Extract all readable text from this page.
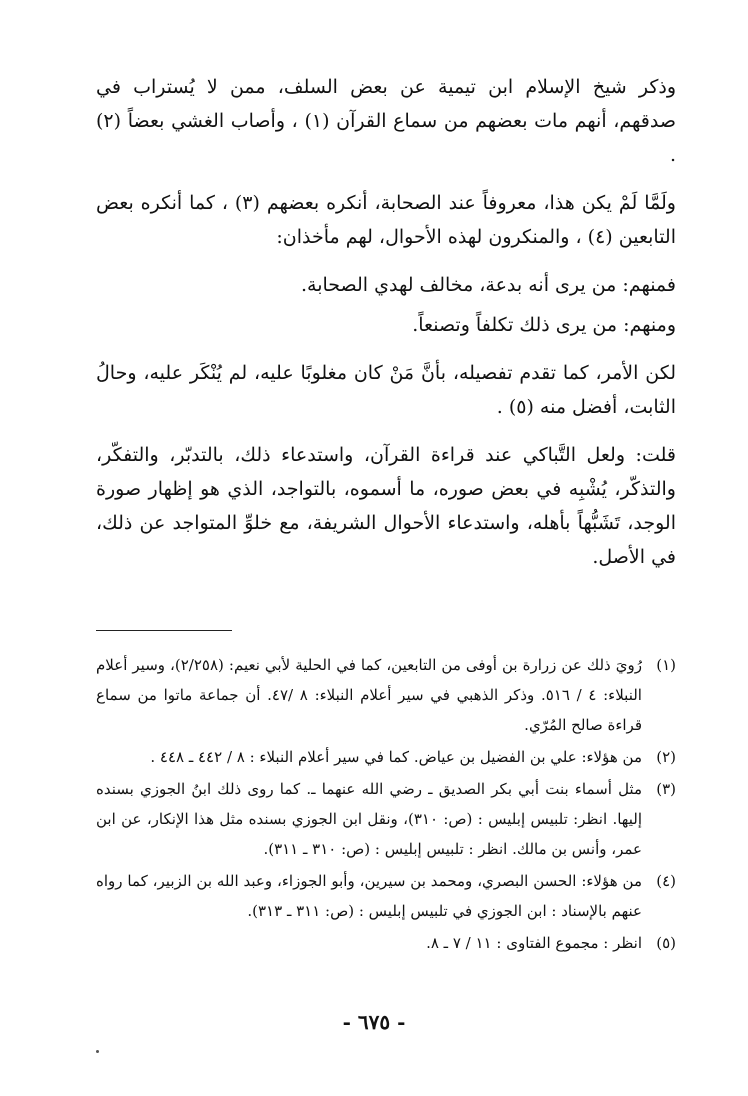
وذكر شيخ الإسلام ابن تيمية عن بعض السلف، ممن لا يُستراب في صدقهم، أنهم مات بعضهم من سماع القرآن (١) ، وأصاب الغشي بعضاً (٢) .

ولَمَّا لَمْ يكن هذا، معروفاً عند الصحابة، أنكره بعضهم (٣) ، كما أنكره بعض التابعين (٤) ، والمنكرون لهذه الأحوال، لهم مأخذان:

فمنهم: من يرى أنه بدعة، مخالف لهدي الصحابة.

ومنهم: من يرى ذلك تكلفاً وتصنعاً.

لكن الأمر، كما تقدم تفصيله، بأنَّ مَنْ كان مغلوبًا عليه، لم يُنْكَر عليه، وحالُ الثابت، أفضل منه (٥) .

قلت: ولعل التَّباكي عند قراءة القرآن، واستدعاء ذلك، بالتدبّر، والتفكّر، والتذكّر، يُشْبِه في بعض صوره، ما أسموه، بالتواجد، الذي هو إظهار صورة الوجد، تَشَبُّهاً بأهله، واستدعاء الأحوال الشريفة، مع خلوِّ المتواجد عن ذلك، في الأصل.

(١)
رُويَ ذلك عن زرارة بن أوفى من التابعين، كما في الحلية لأبي نعيم: (٢/٢٥٨)، وسير أعلام النبلاء: ٤ / ٥١٦. وذكر الذهبي في سير أعلام النبلاء: ٨ /٤٧. أن جماعة ماتوا من سماع قراءة صالح المُرّي.
(٢)
من هؤلاء: علي بن الفضيل بن عياض. كما في سير أعلام النبلاء : ٨ / ٤٤٢ ـ ٤٤٨ .
(٣)
مثل أسماء بنت أبي بكر الصديق ـ رضي الله عنهما ـ. كما روى ذلك ابنُ الجوزي بسنده إليها. انظر: تلبيس إبليس : (ص: ٣١٠)، ونقل ابن الجوزي بسنده مثل هذا الإنكار، عن ابن عمر، وأنس بن مالك. انظر : تلبيس إبليس : (ص: ٣١٠ ـ ٣١١).
(٤)
من هؤلاء: الحسن البصري، ومحمد بن سيرين، وأبو الجوزاء، وعبد الله بن الزبير، كما رواه عنهم بالإسناد : ابن الجوزي في تلبيس إبليس : (ص: ٣١١ ـ ٣١٣).
(٥)
انظر : مجموع الفتاوى : ١١ / ٧ ـ ٨.
- ٦٧٥ -
